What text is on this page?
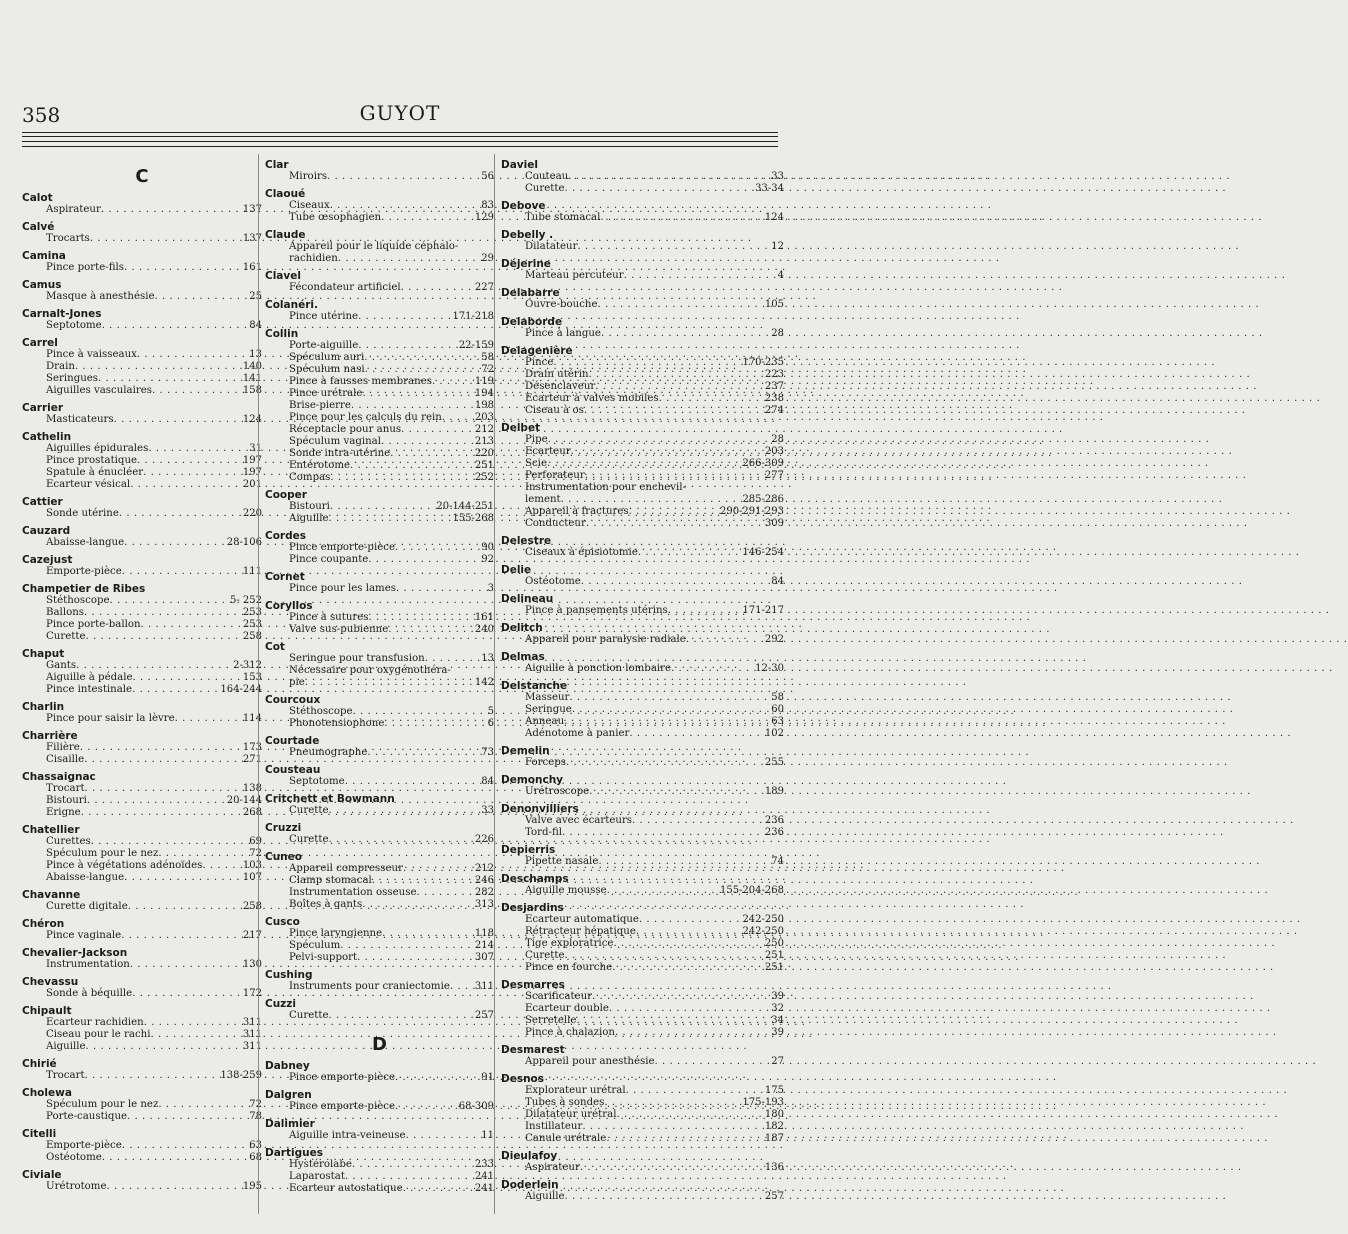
358	GUYOT
C
Calot
Aspirateur . . .	137
Calvé
Trocarts . . .	137
Camina
Pince porte-fils . . .	161
Camus
Masque à anesthésie . . .	25
Carnalt-Jones
Septotome . . .	84
Carrel
Pince à vaisseaux . . .	13
Drain . . .	140
Seringues . . .	141
Aiguilles vasculaires . . .	158
Carrier
Masticateurs . . .	124
Cathelin
Aiguilles épidurales . . .	31
Pince prostatique . . .	197
Spatule à énucléer . . .	197
Ecarteur vésical . . .	201
Cattier
Sonde utérine . . .	220
Cauzard
Abaisse-langue . . .	28-106
Cazejust
Emporte-pièce . . .	111
Champetier de Ribes
Stéthoscope . . .	5- 252
Ballons . . .	253
Pince porte-ballon . . .	253
Curette . . .	258
Chaput
Gants . . .	2-312
Aiguille à pédale . . .	153
Pince intestinale . . .	164-244
Charlin
Pince pour saisir la lèvre . . .	114
Charrière
Filière . . .	173
Cisaille . . .	271
Chassaignac
Trocart . . .	138
Bistouri . . .	20-144
Erigne . . .	268
Chatellier
Curettes . . .	69
Spéculum pour le nez . . .	72
Pince à végétations adénoïdes . . .	103
Abaisse-langue . . .	107
Chavanne
Curette digitale . . .	258
Chéron
Pince vaginale . . .	217
Chevalier-Jackson
Instrumentation . . .	130
Chevassu
Sonde à béquille . . .	172
Chipault
Ecarteur rachidien . . .	311
Ciseau pour le rachi . . .	311
Aiguille . . .	311
Chirié
Trocart . . .	138-259
Cholewa
Spéculum pour le nez . . .	72
Porte-caustique . . .	78
Citelli
Emporte-pièce . . .	63
Ostéotome . . .	68
Civiale
Urétrotome . . .	195
Clar
Miroirs . . .	56
Claoué
Ciseaux . . .	83
Tube œsophagien . . .	129
Claude
Appareil pour le liquide céphalo-
rachidien . . .	29
Clavel
Fécondateur artificiel . . .	227
Colanéri.
Pince utérine . . .	171-218
Collin
Porte-aiguille . . .	22-159
Spéculum auri . . .	58
Spéculum nasi . . .	72
Pince à fausses membranes . . .	119
Pince urétrale . . .	194
Brise-pierre . . .	198
Pince pour les calculs du rein . . .	203
Réceptacle pour anus . . .	212
Spéculum vaginal . . .	213
Sonde intra-utérine . . .	220
Entérotome . . .	251
Compas . . .	252
Cooper
Bistouri . . .	20-144-251
Aiguille . . .	155-268
Cordes
Pince emporte-pièce . . .	90
Pince coupante . . .	92
Cornet
Pince pour les lames . . .	3
Coryllos
Pince à sutures . . .	161
Valve sus-pubienne . . .	240
Cot
Seringue pour transfusion . . .	13
Nécessaire pour oxygénothéra-
pie . . .	142
Courcoux
Stéthoscope . . .	5
Phonotensiophone . . .	6
Courtade
Pneumographe . . .	73
Cousteau
Septotome . . .	84
Critchett et Bowmann
Curette . . .	33
Cruzzi
Curette . . .	226
Cuneo
Appareil compresseur . . .	212
Clamp stomacal . . .	246
Instrumentation osseuse . . .	282
Boîtes à gants . . .	313
Cusco
Pince laryngienne . . .	118
Spéculum . . .	214
Pelvi-support . . .	307
Cushing
Instruments pour craniectomie . . .	311
Cuzzi
Curette . . .	257
D
Dabney
Pince emporte-pièce . . .	91
Dalgren
Pince emporte-pièce . . .	68-309
Dalimier
Aiguille intra-veineuse . . .	11
Dartigues
Hystérolabe . . .	233
Laparostat . . .	241
Ecarteur autostatique . . .	241
Daviel
Couteau . . .	33
Curette . . .	33-34
Debove
Tube stomacal . . .	124
Debelly .
Dilatateur . . .	12
Déjerine
Marteau percuteur . . .	4
Delabarre
Ouvre-bouche . . .	105
Delaborde
Pince à langue . . .	28
Delagenière
Pince . . .	170-235
Drain utérin . . .	223
Désenclaveur . . .	237
Ecarteur à valves mobiles . . .	238
Ciseau à os . . .	274
Delbet
Pipe . . .	28
Ecarteur . . .	203
Scie . . .	266-309
Perforateur . . .	277
Instrumentation pour enchevil-
lement . . .	285-286
Appareil à fractures . . .	290-291-293
Conducteur . . .	309
Delestre
Ciseaux à épisiotomie . . .	146-254
Delie
Ostéotome . . .	84
Delineau
Pince à pansements utérins . . .	171-217
Delitch
Appareil pour paralysie radiale . . .	292
Delmas
Aiguille à ponction lombaire . . .	12-30
Delstanche
Masseur . . .	58
Seringue . . .	60
Anneau . . .	63
Adénotome à panier . . .	102
Demelin
Forceps . . .	255
Demonchy
Urétroscope . . .	189
Denonvilliers
Valve avec écarteurs . . .	236
Tord-fil . . .	236
Depierris
Pipette nasale . . .	74
Deschamps
Aiguille mousse . . .	155-204-268
Desjardins
Ecarteur automatique . . .	242-250
Rétracteur hépatique . . .	242-250
Tige exploratrice . . .	250
Curette . . .	251
Pince en fourche . . .	251
Desmarres
Scarificateur . . .	39
Ecarteur double . . .	32
Serretelle . . .	34
Pince à chalazion . . .	39
Desmarest
Appareil pour anesthésie . . .	27
Desnos
Explorateur urétral . . .	175
Tubes à sondes . . .	175-193
Dilatateur urétral . . .	180
Instillateur . . .	182
Canule urétrale . . .	187
Dieulafoy
Aspirateur . . .	136
Doderlein
Aiguille . . .	257
